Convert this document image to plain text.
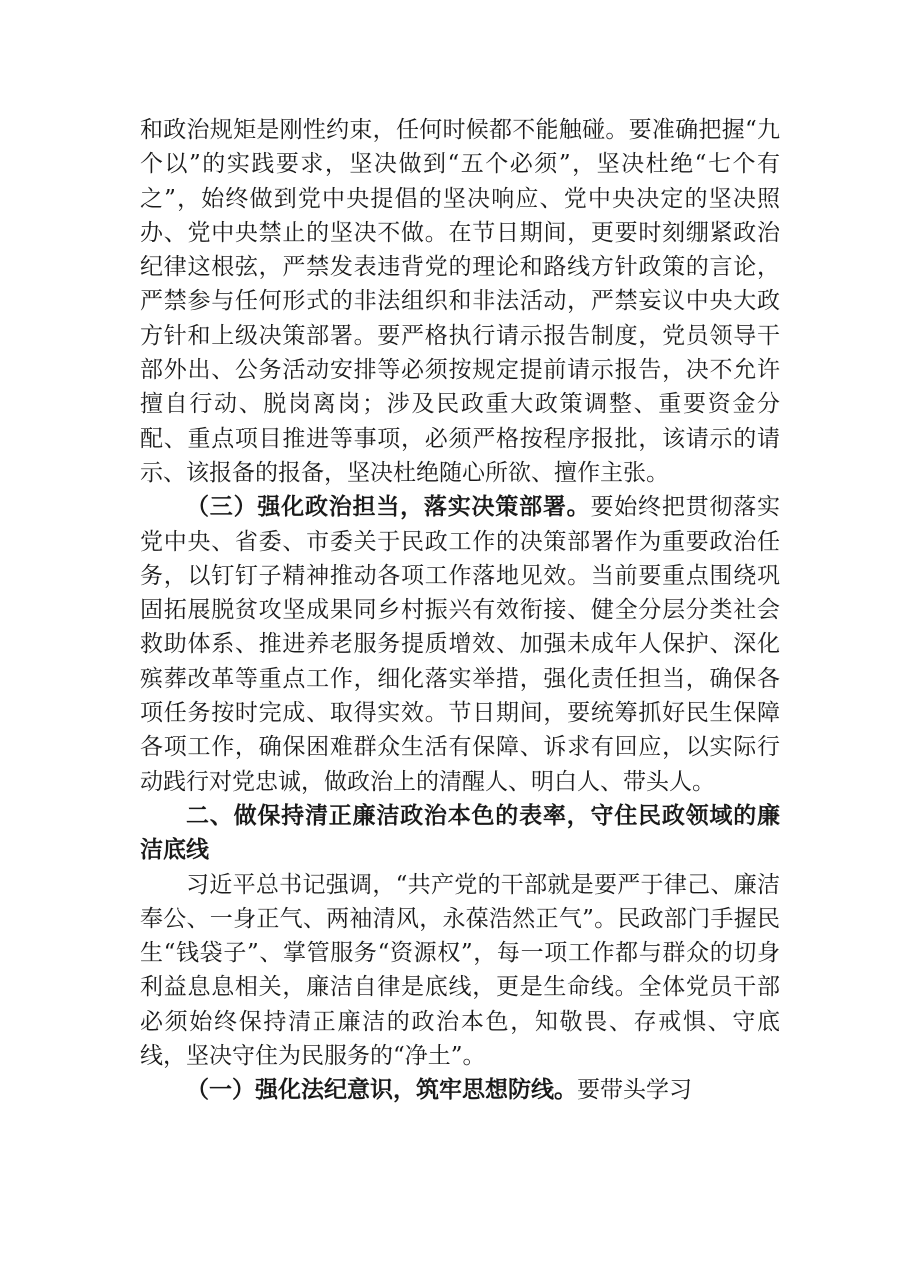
和政治规矩是刚性约束，任何时候都不能触碰。要准确把握“九个以”的实践要求，坚决做到“五个必须”，坚决杜绝“七个有之”，始终做到党中央提倡的坚决响应、党中央决定的坚决照办、党中央禁止的坚决不做。在节日期间，更要时刻绷紧政治纪律这根弦，严禁发表违背党的理论和路线方针政策的言论，严禁参与任何形式的非法组织和非法活动，严禁妄议中央大政方针和上级决策部署。要严格执行请示报告制度，党员领导干部外出、公务活动安排等必须按规定提前请示报告，决不允许擅自行动、脱岗离岗；涉及民政重大政策调整、重要资金分配、重点项目推进等事项，必须严格按程序报批，该请示的请示、该报备的报备，坚决杜绝随心所欲、擅作主张。

（三）强化政治担当，落实决策部署。要始终把贯彻落实党中央、省委、市委关于民政工作的决策部署作为重要政治任务，以钉钉子精神推动各项工作落地见效。当前要重点围绕巩固拓展脱贫攻坚成果同乡村振兴有效衔接、健全分层分类社会救助体系、推进养老服务提质增效、加强未成年人保护、深化殡葬改革等重点工作，细化落实举措，强化责任担当，确保各项任务按时完成、取得实效。节日期间，要统筹抓好民生保障各项工作，确保困难群众生活有保障、诉求有回应，以实际行动践行对党忠诚，做政治上的清醒人、明白人、带头人。

二、做保持清正廉洁政治本色的表率，守住民政领域的廉洁底线

习近平总书记强调，“共产党的干部就是要严于律己、廉洁奉公、一身正气、两袖清风，永葆浩然正气”。民政部门手握民生“钱袋子”、掌管服务“资源权”，每一项工作都与群众的切身利益息息相关，廉洁自律是底线，更是生命线。全体党员干部必须始终保持清正廉洁的政治本色，知敬畏、存戒惧、守底线，坚决守住为民服务的“净土”。

（一）强化法纪意识，筑牢思想防线。要带头学习
